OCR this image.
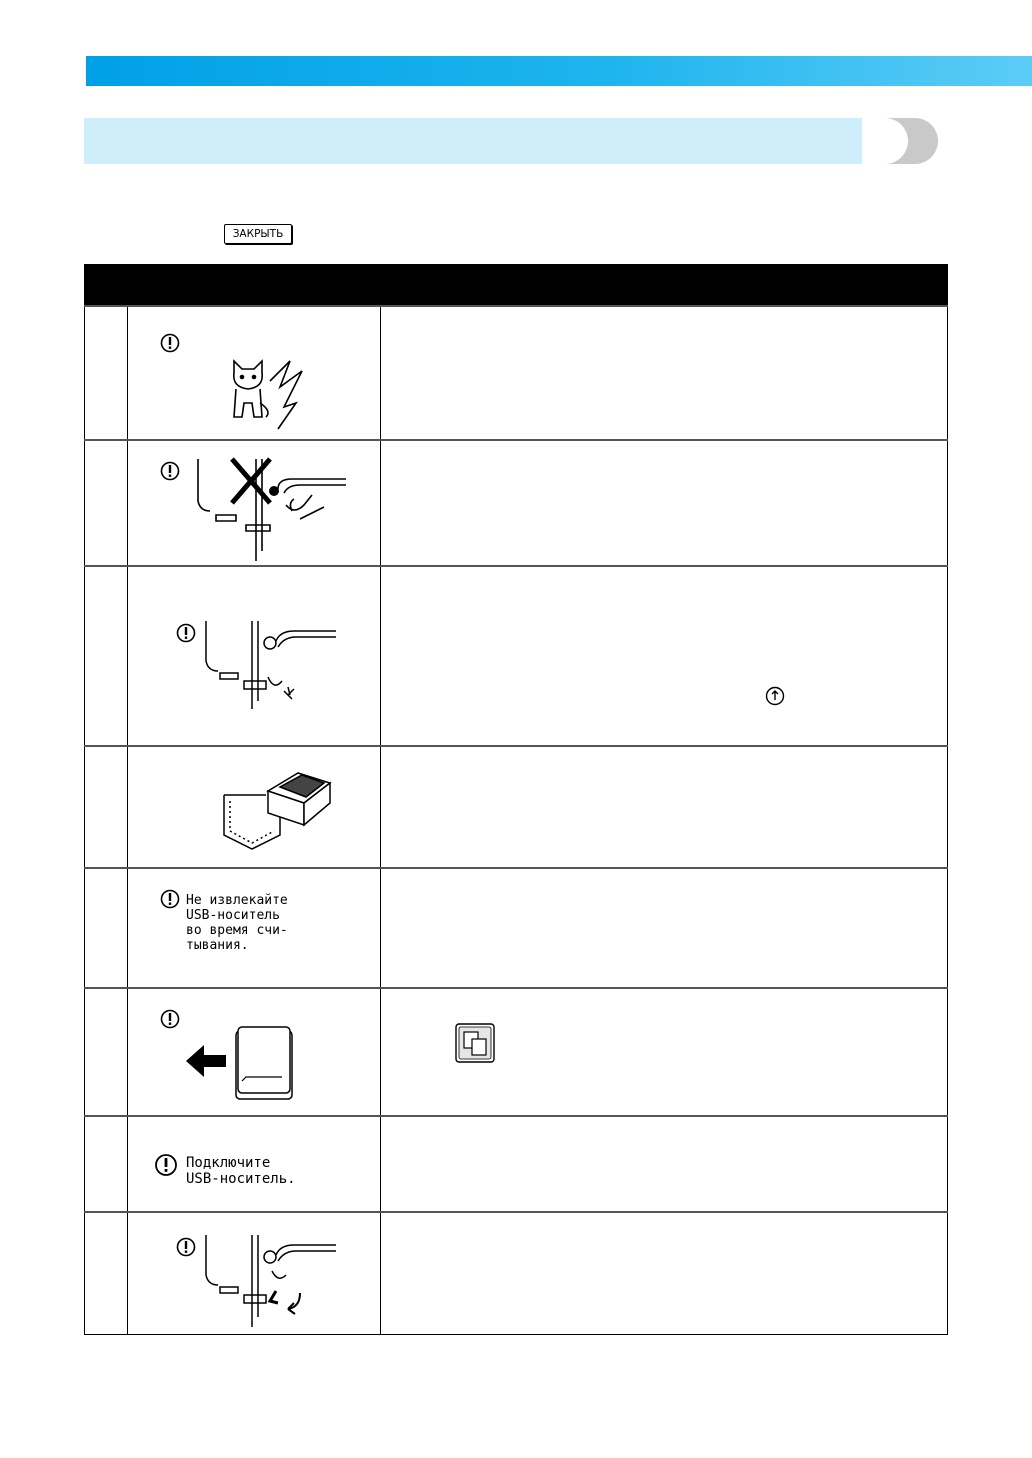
ЗАКРЫТЬ

	Не извлекайте
USB-носитель
во время счи-
тывания.	

	Подключите
USB-носитель.	
